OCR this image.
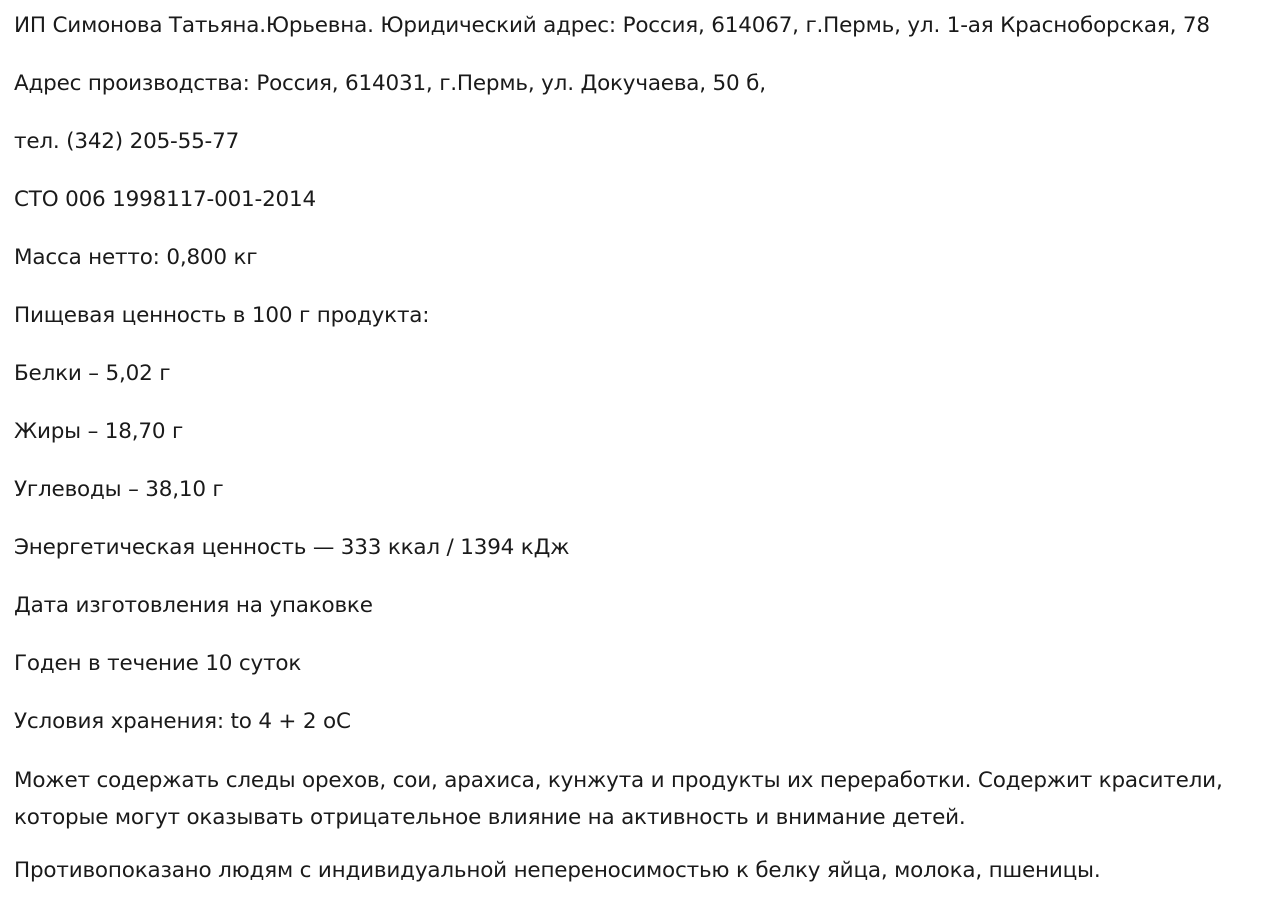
ИП Симонова Татьяна.Юрьевна. Юридический адрес: Россия, 614067, г.Пермь, ул. 1-ая Красноборская, 78

Адрес производства: Россия, 614031, г.Пермь, ул. Докучаева, 50 б,

тел. (342) 205-55-77

СТО 006 1998117-001-2014

Масса нетто: 0,800 кг

Пищевая ценность в 100 г продукта:

Белки – 5,02 г

Жиры – 18,70 г

Углеводы – 38,10 г

Энергетическая ценность — 333 ккал / 1394 кДж

Дата изготовления на упаковке

Годен в течение 10 суток

Условия хранения: to 4 + 2 oC

Может содержать следы орехов, сои, арахиса, кунжута и продукты их переработки. Содержит красители, которые могут оказывать отрицательное влияние на активность и внимание детей.

Противопоказано людям с индивидуальной непереносимостью к белку яйца, молока, пшеницы.
